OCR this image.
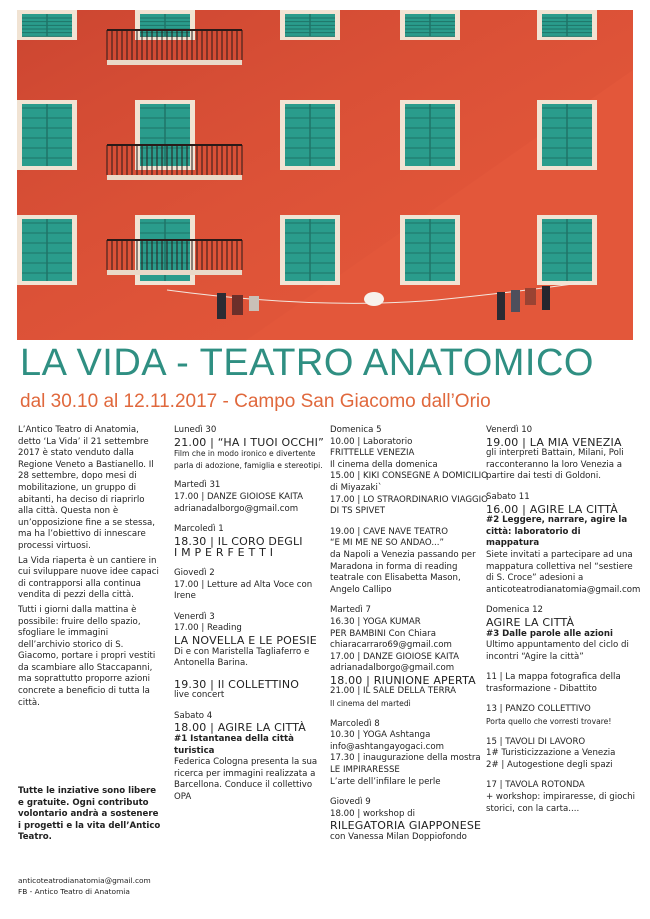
LA VIDA - TEATRO ANATOMICO
dal 30.10 al 12.11.2017 - Campo San Giacomo dall’Orio

L’Antico Teatro di Anatomia, detto ‘La Vida’ il 21 settembre 2017 è stato venduto dalla Regione Veneto a Bastianello. Il 28 settembre, dopo mesi di mobilitazione, un gruppo di abitanti, ha deciso di riaprirlo alla città. Questa non è un’opposizione fine a se stessa, ma ha l’obiettivo di innescare processi virtuosi.

La Vida riaperta è un cantiere in cui sviluppare nuove idee capaci di contrapporsi alla continua vendita di pezzi della città.

Tutti i giorni dalla mattina è possibile: fruire dello spazio, sfogliare le immagini dell’archivio storico di S. Giacomo, portare i propri vestiti da scambiare allo Staccapanni, ma soprattutto proporre azioni concrete a beneficio di tutta la città.

Tutte le inziative sono libere e gratuite. Ogni contributo volontario andrà a sostenere i progetti e la vita dell’Antico Teatro.
anticoteatrodianatomia@gmail.com
FB - Antico Teatro di Anatomia
Lunedì 30
21.00 | “HA I TUOI OCCHI”
Film che in modo ironico e divertente parla di adozione, famiglia e stereotipi.
Martedì 31
17.00 | DANZE GIOIOSE KAITA
adrianadalborgo@gmail.com
Marcoledì 1
18.30 | IL CORO DEGLI
I M P E R F E T T I
Giovedì 2
17.00 | Letture ad Alta Voce con Irene
Venerdì 3
17.00 | Reading
LA NOVELLA E LE POESIE
Di e con Maristella Tagliaferro e Antonella Barina.
19.30 | Il COLLETTINO
live concert
Sabato 4
18.00 | AGIRE LA CITTÀ
#1 Istantanea della città turistica
Federica Cologna presenta la sua ricerca per immagini realizzata a Barcellona. Conduce il collettivo OPA
Domenica 5
10.00 | Laboratorio
FRITTELLE VENEZIA
Il cinema della domenica
15.00 | KIKI CONSEGNE A DOMICILIO di Miyazaki`
17.00 | LO STRAORDINARIO VIAGGIO DI TS SPIVET
19.00 | CAVE NAVE TEATRO
“E MI ME NE SO ANDAO...”
da Napoli a Venezia passando per Maradona in forma di reading teatrale con Elisabetta Mason, Angelo Callipo
Martedì 7
16.30 | YOGA KUMAR
PER BAMBINI Con Chiara
chiaracarraro69@gmail.com
17.00 | DANZE GIOIOSE KAITA
adrianadalborgo@gmail.com
18.00 | RIUNIONE APERTA
21.00 | IL SALE DELLA TERRA
Il cinema del martedì
Marcoledì 8
10.30 | YOGA Ashtanga
info@ashtangayogaci.com
17.30 | inaugurazione della mostra LE IMPIRARESSE
L’arte dell’infilare le perle
Giovedì 9
18.00 | workshop di
RILEGATORIA GIAPPONESE
con Vanessa Milan Doppiofondo
Venerdì 10
19.00 | LA MIA VENEZIA
gli interpreti Battain, Milani, Poli racconteranno la loro Venezia a partire dai testi di Goldoni.
Sabato 11
16.00 | AGIRE LA CITTÀ
#2 Leggere, narrare, agire la città: laboratorio di mappatura
Siete invitati a partecipare ad una mappatura collettiva nel “sestiere di S. Croce” adesioni a anticoteatrodianatomia@gmail.com
Domenica 12
AGIRE LA CITTÀ
#3 Dalle parole alle azioni
Ultimo appuntamento del ciclo di incontri “Agire la città”
11 | La mappa fotografica della trasformazione - Dibattito
13 | PANZO COLLETTIVO
Porta quello che vorresti trovare!
15 | TAVOLI DI LAVORO
1# Turisticizzazione a Venezia
2# | Autogestione degli spazi
17 | TAVOLA ROTONDA
+ workshop: impiraresse, di giochi storici, con la carta....
